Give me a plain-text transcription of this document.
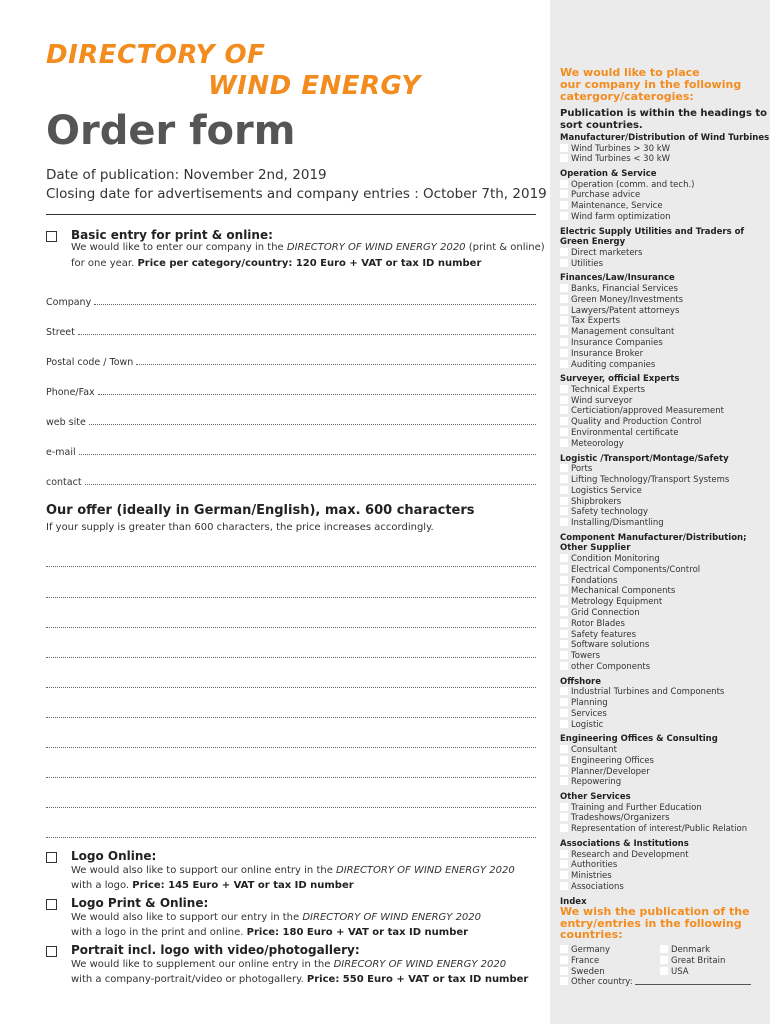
DIRECTORY OF
WIND ENERGY
Order form
Date of publication: November 2nd, 2019
Closing date for advertisements and company entries : October 7th, 2019
Basic entry for print & online:
We would like to enter our company in the DIRECTORY OF WIND ENERGY 2020 (print & online)
for one year. Price per category/country: 120 Euro + VAT or tax ID number
Company
Street
Postal code / Town
Phone/Fax
web site
e-mail
contact
Our offer (ideally in German/English), max. 600 characters
If your supply is greater than 600 characters, the price increases accordingly.
Logo Online:
We would also like to support our online entry in the DIRECTORY OF WIND ENERGY 2020
with a logo. Price: 145 Euro + VAT or tax ID number
Logo Print & Online:
We would also like to support our entry in the DIRECTORY OF WIND ENERGY 2020
with a logo in the print and online. Price: 180 Euro + VAT or tax ID number
Portrait incl. logo with video/photogallery:
We would like to supplement our online entry in the DIRECORY OF WIND ENERGY 2020
with a company-portrait/video or photogallery. Price: 550 Euro + VAT or tax ID number
We would like to place
our company in the following
catergory/caterogies:
Publication is within the headings to
sort countries.
Manufacturer/Distribution of Wind Turbines
Wind Turbines > 30 kW
Wind Turbines < 30 kW
Operation & Service
Operation (comm. and tech.)
Purchase advice
Maintenance, Service
Wind farm optimization
Electric Supply Utilities and Traders of
Green Energy
Direct marketers
Utilities
Finances/Law/Insurance
Banks, Financial Services
Green Money/Investments
Lawyers/Patent attorneys
Tax Experts
Management consultant
Insurance Companies
Insurance Broker
Auditing companies
Surveyer, official Experts
Technical Experts
Wind surveyor
Certiciation/approved Measurement
Quality and Production Control
Environmental certificate
Meteorology
Logistic /Transport/Montage/Safety
Ports
Lifting Technology/Transport Systems
Logistics Service
Shipbrokers
Safety technology
Installing/Dismantling
Component Manufacturer/Distribution;
Other Supplier
Condition Monitoring
Electrical Components/Control
Fondations
Mechanical Components
Metrology Equipment
Grid Connection
Rotor Blades
Safety features
Software solutions
Towers
other Components
Offshore
Industrial Turbines and Components
Planning
Services
Logistic
Engineering Offices & Consulting
Consultant
Engineering Offices
Planner/Developer
Repowering
Other Services
Training and Further Education
Tradeshows/Organizers
Representation of interest/Public Relation
Associations & Institutions
Research and Development
Authorities
Ministries
Associations
Index
We wish the publication of the
entry/entries in the following
countries:
Germany	Denmark
France	Great Britain
Sweden	USA
Other country:
